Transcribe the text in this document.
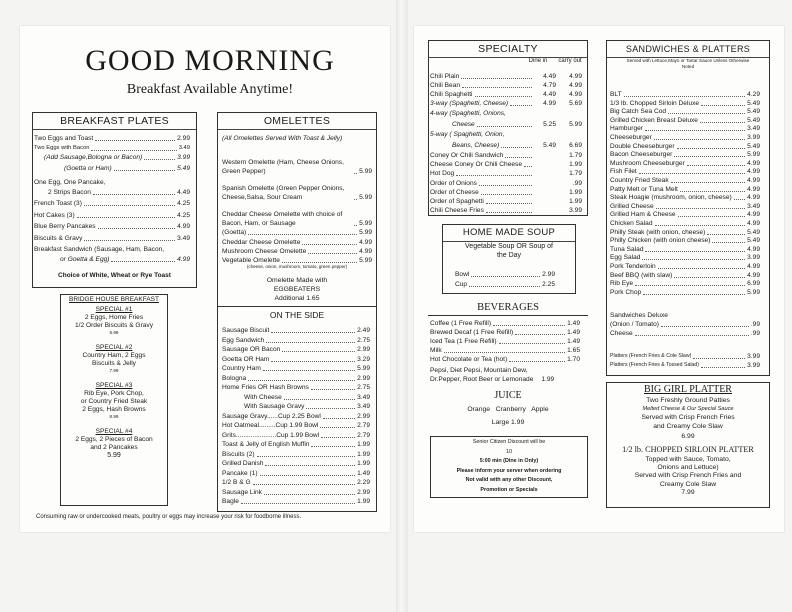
GOOD MORNING
Breakfast Available Anytime!
BREAKFAST PLATES
Choice of White, Wheat or Rye Toast
BRIDGE HOUSE BREAKFAST
OMELETTES
(All Omelettes Served With Toast & Jelly)
(cheese, onion, mushroom, tomato, green pepper)
Omelette Made with EGGBEATERS
Additional 1.65
ON THE SIDE
Consuming raw or undercooked meats, poultry or eggs may increase your risk for foodborne illness.
SPECIALTY
Dine in carry out
HOME MADE SOUP
Vegetable Soup OR Soup of the Day
Bowl	2.99
Cup	2.25
BEVERAGES
Pepsi, Diet Pepsi, Mountain Dew,
Dr.Pepper, Root Beer or Lemonade 1.99
JUICE
Orange   Cranberry   Apple
Large 1.99
SANDWICHES & PLATTERS
Served with Lettuce,Mayo or Tartar Sauce Unless Otherwise Noted
Sandwiches Deluxe
(Onion / Tomato)	.99
Cheese	.99
Platters (French Fries & Cole Slaw)	3.99
Platters (French Fries & Tossed Salad)	3.99
BIG GIRL PLATTER
Two Eggs and Toast	2.99
Two Eggs with Bacon	3.49
(Add Sausage,Bologna or Bacon)	3.99
(Goetta or Ham)	5.49
One Egg, One Pancake,
2 Strips Bacon	4.49
French Toast (3)	4.25
Hot Cakes (3)	4.25
Blue Berry Pancakes	4.99
Biscuits & Gravy	3.49
Breakfast Sandwich (Sausage, Ham, Bacon,
or Goetta & Egg)	4.99
SPECIAL #1
2 Eggs, Home Fries
1/2 Order Biscuits & Gravy
5.99
SPECIAL #2
Country Ham, 2 Eggs
Biscuits & Jelly
7.99
SPECIAL #3
Rib Eye, Pork Chop,
or Country Fried Steak
2 Eggs, Hash Browns
8.99
SPECIAL #4
2 Eggs, 2 Pieces of Bacon
and 2 Pancakes
5.99
Western Omelette (Ham, Cheese Onions, Green Pepper)	5.99
Spanish Omelette (Green Pepper Onions, Cheese,Salsa, Sour Cream	5.99
Cheddar Cheese Omelette with choice of Bacon, Ham, or Sausage	5.99
(Goetta)	5.99
Cheddar Cheese Omelette	4.99
Mushroom Cheese Omelette	4.99
Vegetable Omelette	5.99
Sausage Biscuit	2.49
Egg Sandwich	2.75
Sausage OR Bacon	2.99
Goetta OR Ham	3.29
Country Ham	5.99
Bologna	2.99
Home Fries OR Hash Browns	2.75
With Cheese	3.49
With Sausage Gravy	3.49
Sausage Gravy......Cup 2.25 Bowl	2.99
Hot Oatmeal.........Cup 1.99 Bowl	2.79
Grits......................Cup 1.99 Bowl	2.79
Toast & Jelly of English Muffin	1.99
Biscuits (2)	1.99
Grilled Danish	1.99
Pancake (1)	1.49
1/2 B & G	2.29
Sausage Link	2.99
Bagle	1.99
Chili Plain	4.49	4.99
Chili Bean	4.79	4.99
Chili Spaghetti	4.49	4.99
3-way (Spaghetti, Cheese)	4.99	5.69
4-way (Spaghetti, Onions,
Cheese	5.25	5.99
5-way ( Spaghetti, Onion,
Beans, Cheese)	5.49	6.69
Coney Or Chili Sandwich	1.79
Cheese Coney Or Chili Cheese	1.99
Hot Dog	1.79
Order of Onions	.99
Order of Cheese	1.99
Order of Spaghetti	1.99
Chili Cheese Fries	3.99
Coffee (1 Free Refill)	1.49
Brewed Decaf (1 Free Refill)	1.49
Iced Tea (1 Free Refill)	1.49
Milk	1.65
Hot Chocolate or Tea (hot)	1.70
Senior Citizen Discount will be
10
5:00 min (Dine in Only)
Please inform your server when ordering
Not valid with any other Discount,
Promotion or Specials
BLT	4.29
1/3 lb. Chopped Sirloin Deluxe	5.49
Big Catch Sea Cod	5.49
Grilled Chicken Breast Deluxe	5.49
Hamburger	3.49
Cheeseburger	3.99
Double Cheeseburger	5.49
Bacon Cheeseburger	5.99
Mushroom Cheeseburger	4.99
Fish Filet	4.99
Country Fried Steak	4.99
Patty Melt or Tuna Melt	4.99
Steak Hoagie (mushroom, onion, cheese) 4.99
Grilled Cheese	3.49
Grilled Ham & Cheese	4.99
Chicken Salad	4.99
Philly Steak (with onion, cheese)	5.49
Philly Chicken (with onion cheese)	5.49
Tuna Salad	4.99
Egg Salad	3.99
Pork Tenderloin	4.99
Beef BBQ (with slaw)	4.99
Rib Eye	6.99
Pork Chop	5.99
Two Freshly Ground Patties
Melted Cheese & Our Special Sauce
Served with Crisp French Fries
and Creamy Cole Slaw
6.99
1/2 lb. CHOPPED SIRLOIN PLATTER
Topped with Sauce, Tomato,
Onions and Lettuce)
Served with Crisp French Fries and
Creamy Cole Slaw
7.99
